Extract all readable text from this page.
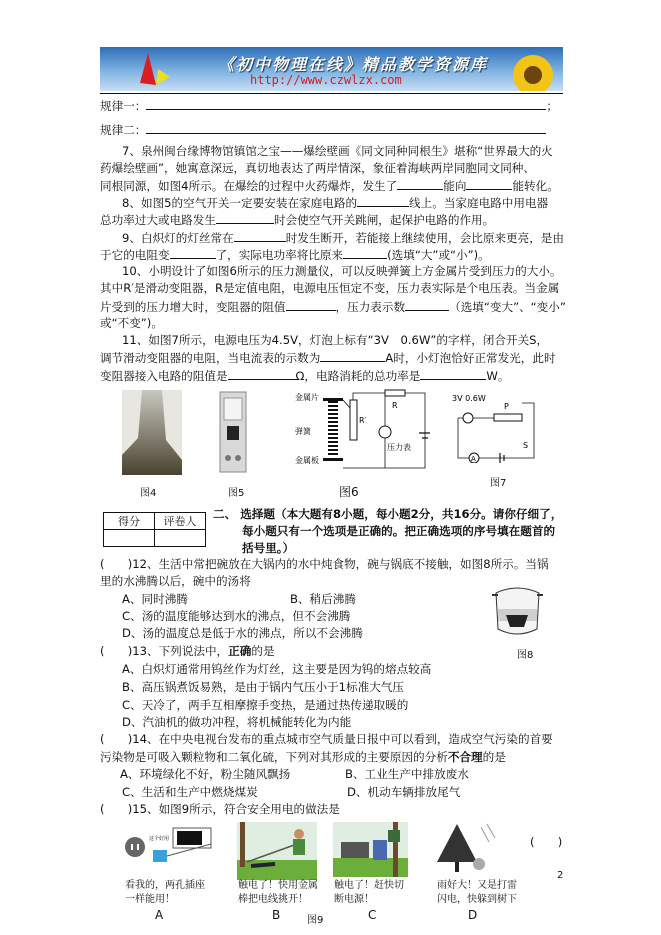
《初中物理在线》精品教学资源库
http://www.czwlzx.com
规律一：	；
规律二：
7、泉州闽台缘博物馆镇馆之宝——爆绘壁画《同文同种同根生》堪称“世界最大的火
药爆绘壁画”，她寓意深远，真切地表达了两岸情深，象征着海峡两岸同胞同文同种、
同根同源，如图4所示。在爆绘的过程中火药爆炸，发生了	能向	能转化。
8、如图5的空气开关一定要安装在家庭电路的	线上。当家庭电路中用电器
总功率过大或电路发生	时会使空气开关跳闸，起保护电路的作用。
9、白炽灯的灯丝常在	时发生断开，若能接上继续使用，会比原来更亮，是由
于它的电阻变	了，实际电功率将比原来	(选填“大”或“小”)。
10、小明设计了如图6所示的压力测量仪，可以反映弹簧上方金属片受到压力的大小。
其中R′是滑动变阻器，R是定值电阻，电源电压恒定不变，压力表实际是个电压表。当金属
片受到的压力增大时，变阻器的阻值	，压力表示数	（选填“变大”、“变小”
或“不变”)。
11、如图7所示，电源电压为4.5V，灯泡上标有“3V　0.6W”的字样，闭合开关S，
调节滑动变阻器的电阻，当电流表的示数为	A时，小灯泡恰好正常发光，此时
变阻器接入电路的阻值是	Ω，电路消耗的总功率是	W。
图4	图5
金属片
弹簧
金属板
R′
R
压力表
图6
3V 0.6W
P
A
S
图7
得分	评卷人

二、 选择题（本大题有8小题，每小题2分，共16分。请你仔细了，
每小题只有一个选项是正确的。把正确选项的序号填在题首的
括号里。）
(　　)12、生活中常把碗放在大锅内的水中炖食物，碗与锅底不接触，如图8所示。当锅
里的水沸腾以后，碗中的汤将
A、同时沸腾	B、稍后沸腾
C、汤的温度能够达到水的沸点，但不会沸腾
D、汤的温度总是低于水的沸点，所以不会沸腾
图8
(　　)13、下列说法中，正确的是
A、白炽灯通常用钨丝作为灯丝，这主要是因为钨的熔点较高
B、高压锅煮饭易熟，是由于锅内气压小于1标准大气压
C、天冷了，两手互相摩擦手变热，是通过热传递取暖的
D、汽油机的做功冲程，将机械能转化为内能
(　　)14、在中央电视台发布的重点城市空气质量日报中可以看到，造成空气污染的首要
污染物是可吸入颗粒物和二氧化硫，下列对其形成的主要原因的分析不合理的是
A、环境绿化不好，粉尘随风飘扬	B、工业生产中排放废水
C、生活和生产中燃烧煤炭	D、机动车辆排放尾气
(　　)15、如图9所示，符合安全用电的做法是
(　　)
这个好用
看我的，两孔插座
一样能用！
A
触电了！快用金属
棒把电线挑开！
B
触电了！赶快切
断电源！
C
雨好大！又是打雷
闪电，快躲到树下
D
图9
2
